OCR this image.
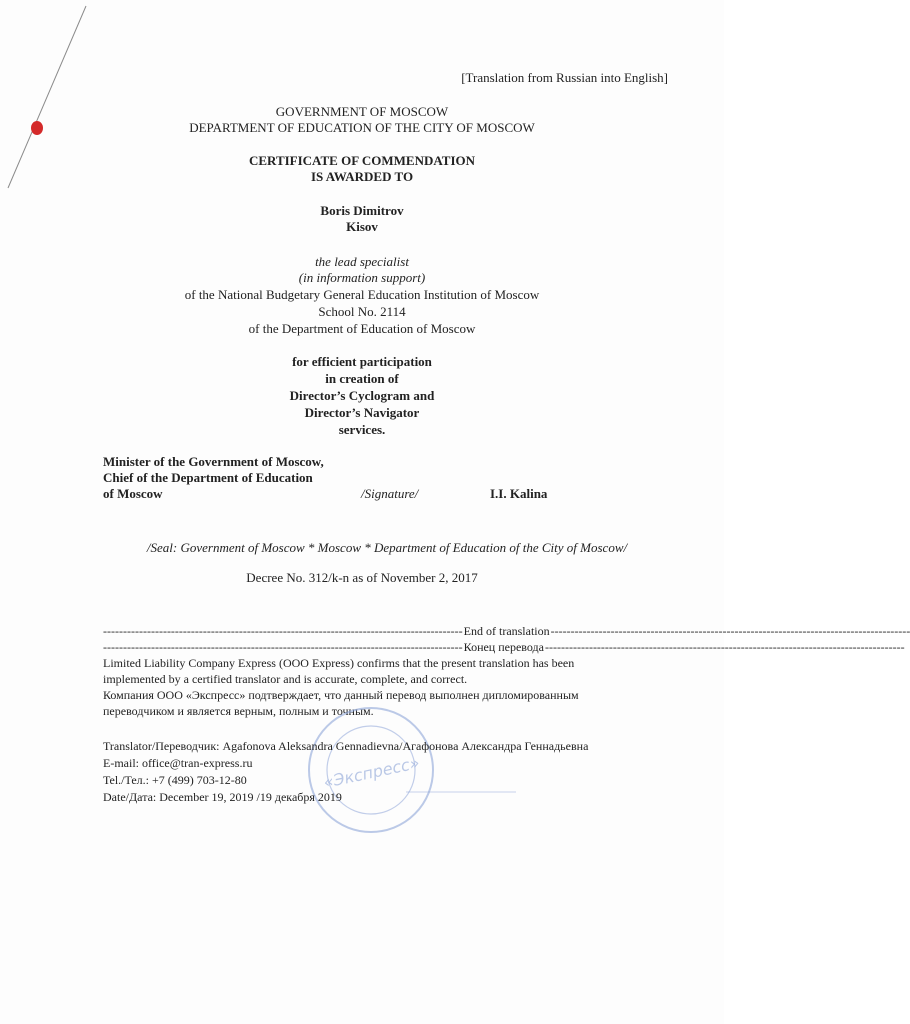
[Translation from Russian into English]
GOVERNMENT OF MOSCOW
DEPARTMENT OF EDUCATION OF THE CITY OF MOSCOW
CERTIFICATE OF COMMENDATION
IS AWARDED TO
Boris Dimitrov
Kisov
the lead specialist
(in information support)
of the National Budgetary General Education Institution of Moscow
School No. 2114
of the Department of Education of Moscow
for efficient participation
in creation of
Director’s Cyclogram and
Director’s Navigator
services.
Minister of the Government of Moscow,
Chief of the Department of Education
of Moscow	/Signature/	I.I. Kalina
/Seal: Government of Moscow * Moscow * Department of Education of the City of Moscow/
Decree No. 312/k-n as of November 2, 2017
------------------------------------------------------------------------------------------ End of translation ------------------------------------------------------------------------------------------
------------------------------------------------------------------------------------------ Конец перевода ------------------------------------------------------------------------------------------
Limited Liability Company Express (OOO Express) confirms that the present translation has been
implemented by a certified translator and is accurate, complete, and correct.
Компания ООО «Экспресс» подтверждает, что данный перевод выполнен дипломированным
переводчиком и является верным, полным и точным.
«Экспресс»
Translator/Переводчик: Agafonova Aleksandra Gennadievna/Агафонова Александра Геннадьевна
E-mail: office@tran-express.ru
Tel./Тел.: +7 (499) 703-12-80
Date/Дата: December 19, 2019 /19 декабря 2019
